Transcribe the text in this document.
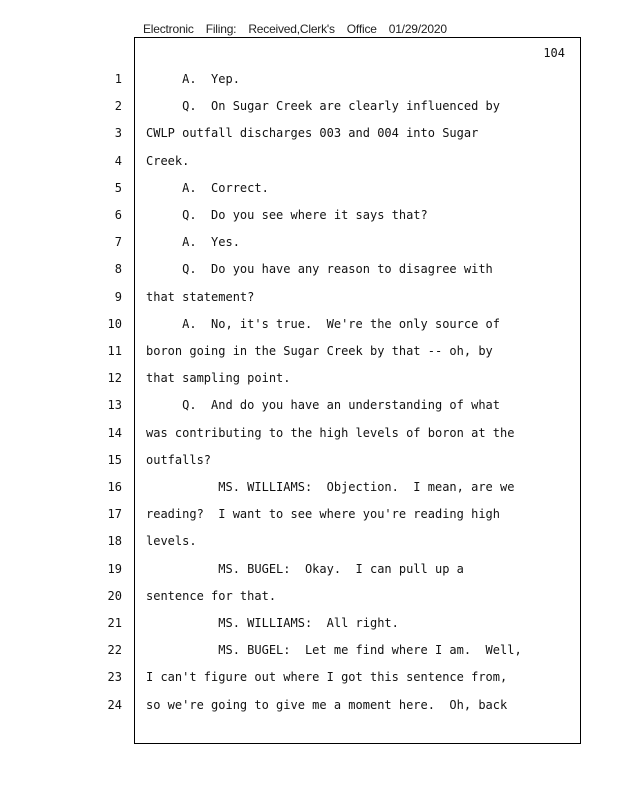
Electronic Filing: Received,Clerk's Office 01/29/2020
104
1 A.  Yep.
2 Q.  On Sugar Creek are clearly influenced by
3 CWLP outfall discharges 003 and 004 into Sugar
4 Creek.
5 A.  Correct.
6 Q.  Do you see where it says that?
7 A.  Yes.
8 Q.  Do you have any reason to disagree with
9 that statement?
10 A.  No, it's true.  We're the only source of
11 boron going in the Sugar Creek by that -- oh, by
12 that sampling point.
13 Q.  And do you have an understanding of what
14 was contributing to the high levels of boron at the
15 outfalls?
16 MS. WILLIAMS:  Objection.  I mean, are we
17 reading?  I want to see where you're reading high
18 levels.
19 MS. BUGEL:  Okay.  I can pull up a
20 sentence for that.
21 MS. WILLIAMS:  All right.
22 MS. BUGEL:  Let me find where I am.  Well,
23 I can't figure out where I got this sentence from,
24 so we're going to give me a moment here.  Oh, back
